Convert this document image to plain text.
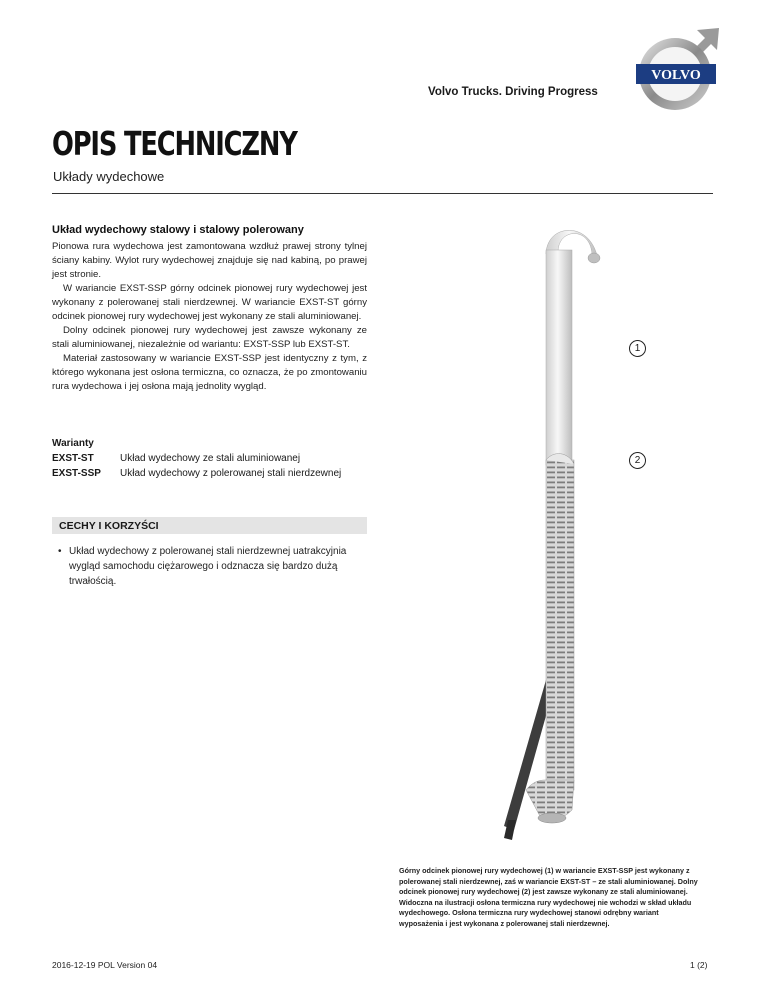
VOLVO
Volvo Trucks. Driving Progress
OPIS TECHNICZNY
Układy wydechowe
Układ wydechowy stalowy i stalowy polerowany

Pionowa rura wydechowa jest zamontowana wzdłuż prawej strony tylnej ściany kabiny. Wylot rury wydechowej znajduje się nad kabiną, po prawej jest stronie.

W wariancie EXST-SSP górny odcinek pionowej rury wydechowej jest wykonany z polerowanej stali nierdzewnej. W wariancie EXST-ST górny odcinek pionowej rury wydechowej jest wykonany ze stali aluminiowanej.

Dolny odcinek pionowej rury wydechowej jest zawsze wykonany ze stali aluminiowanej, niezależnie od wariantu: EXST-SSP lub EXST-ST.

Materiał zastosowany w wariancie EXST-SSP jest identyczny z tym, z którego wykonana jest osłona termiczna, co oznacza, że po zmontowaniu rura wydechowa i jej osłona mają jednolity wygląd.

Warianty
EXST-ST	Układ wydechowy ze stali aluminiowanej
EXST-SSP	Układ wydechowy z polerowanej stali nierdzewnej
CECHY I KORZYŚCI
• Układ wydechowy z polerowanej stali nierdzewnej uatrakcyjnia wygląd samochodu ciężarowego i odznacza się bardzo dużą trwałością.
1
2
Górny odcinek pionowej rury wydechowej (1) w wariancie EXST-SSP jest wykonany z polerowanej stali nierdzewnej, zaś w wariancie EXST-ST – ze stali aluminiowanej. Dolny odcinek pionowej rury wydechowej (2) jest zawsze wykonany ze stali aluminiowanej. Widoczna na ilustracji osłona termiczna rury wydechowej nie wchodzi w skład układu wydechowego. Osłona termiczna rury wydechowej stanowi odrębny wariant wyposażenia i jest wykonana z polerowanej stali nierdzewnej.
2016-12-19 POL Version 04	1 (2)
